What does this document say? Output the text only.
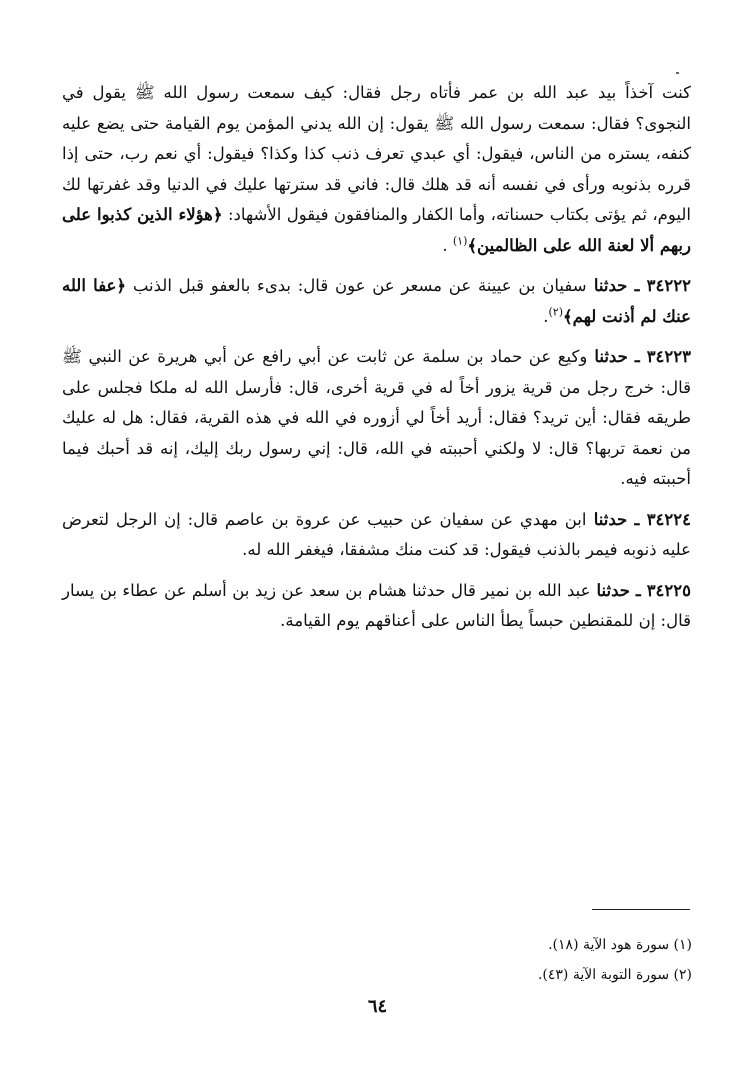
كنت آخذاً بيد عبد الله بن عمر فأتاه رجل فقال: كيف سمعت رسول الله ﷺ يقول في النجوى؟ فقال: سمعت رسول الله ﷺ يقول: إن الله يدني المؤمن يوم القيامة حتى يضع عليه كنفه، يستره من الناس، فيقول: أي عبدي تعرف ذنب كذا وكذا؟ فيقول: أي نعم رب، حتى إذا قرره بذنوبه ورأى في نفسه أنه قد هلك قال: فاني قد سترتها عليك في الدنيا وقد غفرتها لك اليوم، ثم يؤتى بكتاب حسناته، وأما الكفار والمنافقون فيقول الأشهاد: ﴿هؤلاء الذين كذبوا على ربهم ألا لعنة الله على الظالمين﴾$^{(١)}$ .

٣٤٢٢٢ ـ حدثنا سفيان بن عيينة عن مسعر عن عون قال: بدىء بالعفو قبل الذنب ﴿عفا الله عنك لم أذنت لهم﴾$^{(٢)}$.

٣٤٢٢٣ ـ حدثنا وكيع عن حماد بن سلمة عن ثابت عن أبي رافع عن أبي هريرة عن النبي ﷺ قال: خرج رجل من قرية يزور أخاً له في قرية أخرى، قال: فأرسل الله له ملكا فجلس على طريقه فقال: أين تريد؟ فقال: أريد أخاً لي أزوره في الله في هذه القرية، فقال: هل له عليك من نعمة تربها؟ قال: لا ولكني أحببته في الله، قال: إني رسول ربك إليك، إنه قد أحبك فيما أحببته فيه.

٣٤٢٢٤ ـ حدثنا ابن مهدي عن سفيان عن حبيب عن عروة بن عاصم قال: إن الرجل لتعرض عليه ذنوبه فيمر بالذنب فيقول: قد كنت منك مشفقا، فيغفر الله له.

٣٤٢٢٥ ـ حدثنا عبد الله بن نمير قال حدثنا هشام بن سعد عن زيد بن أسلم عن عطاء بن يسار قال: إن للمقنطين حبساً يطأ الناس على أعناقهم يوم القيامة.

(١) سورة هود الآية (١٨).

(٢) سورة التوبة الآية (٤٣).

٦٤
